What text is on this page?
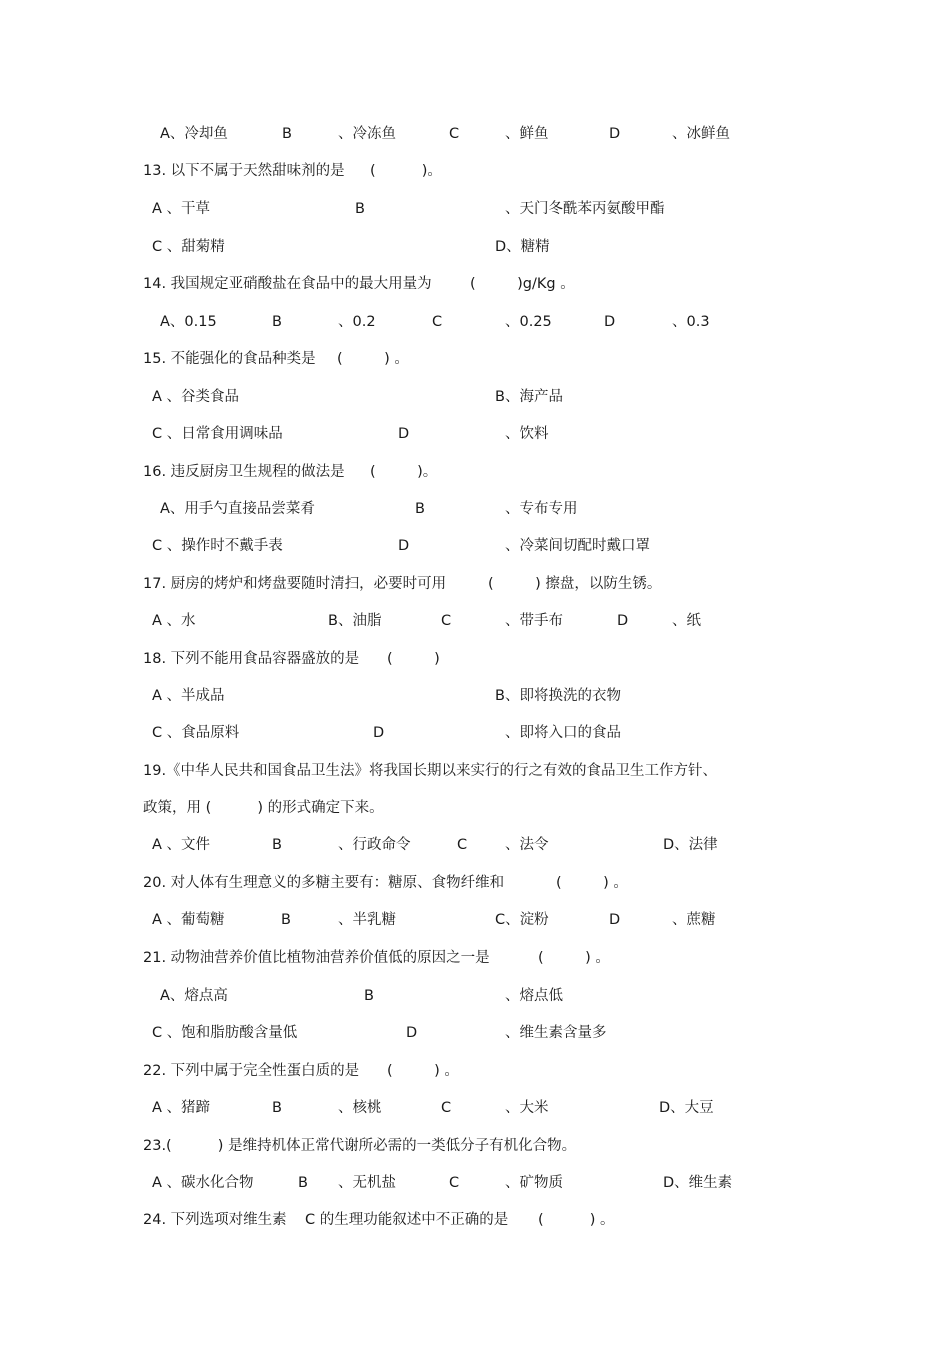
A、冷却鱼	B	、冷冻鱼	C	、鲜鱼	D	、冰鲜鱼
13. 以下不属于天然甜味剂的是 (          )。
A 、干草	B	、天门冬酰苯丙氨酸甲酯
C 、甜菊精	D、糖精
14. 我国规定亚硝酸盐在食品中的最大用量为	(         )g/Kg 。
A、0.15	B	、0.2	C	、0.25	D	、0.3
15. 不能强化的食品种类是 (         ) 。
A 、谷类食品	B、海产品
C 、日常食用调味品	D	、饮料
16. 违反厨房卫生规程的做法是 (         )。
A、用手勺直接品尝菜肴	B	、专布专用
C 、操作时不戴手表	D	、冷菜间切配时戴口罩
17. 厨房的烤炉和烤盘要随时清扫，必要时可用	(         ) 擦盘，以防生锈。
A 、水	B、油脂	C	、带手布	D	、纸
18. 下列不能用食品容器盛放的是 (         )
A 、半成品	B、即将换洗的衣物
C 、食品原料	D	、即将入口的食品
19.《中华人民共和国食品卫生法》将我国长期以来实行的行之有效的食品卫生工作方针、
政策，用 (          ) 的形式确定下来。
A 、文件	B	、行政命令	C	、法令	D、法律
20. 对人体有生理意义的多糖主要有：糖原、食物纤维和	(         ) 。
A 、葡萄糖	B	、半乳糖	C、淀粉	D	、蔗糖
21. 动物油营养价值比植物油营养价值低的原因之一是	(         ) 。
A、熔点高	B	、熔点低
C 、饱和脂肪酸含量低	D	、维生素含量多
22. 下列中属于完全性蛋白质的是 (         ) 。
A 、猪蹄	B	、核桃	C	、大米	D、大豆
23.(          ) 是维持机体正常代谢所必需的一类低分子有机化合物。
A 、碳水化合物	B 、无机盐	C	、矿物质	D、维生素
24. 下列选项对维生素 C 的生理功能叙述中不正确的是 (          ) 。
